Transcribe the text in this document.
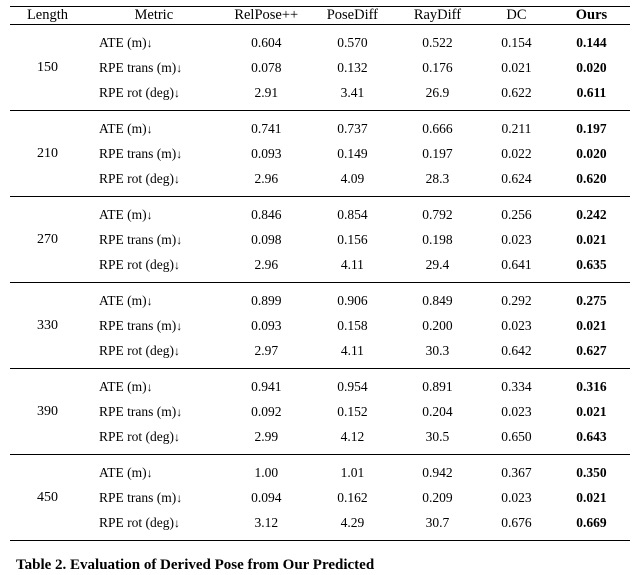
Length	Metric	RelPose++	PoseDiff	RayDiff	DC	Ours

150	ATE (m)↓	0.604	0.570	0.522	0.154	0.144
	RPE trans (m)↓	0.078	0.132	0.176	0.021	0.020
	RPE rot (deg)↓	2.91	3.41	26.9	0.622	0.611

210	ATE (m)↓	0.741	0.737	0.666	0.211	0.197
	RPE trans (m)↓	0.093	0.149	0.197	0.022	0.020
	RPE rot (deg)↓	2.96	4.09	28.3	0.624	0.620

270	ATE (m)↓	0.846	0.854	0.792	0.256	0.242
	RPE trans (m)↓	0.098	0.156	0.198	0.023	0.021
	RPE rot (deg)↓	2.96	4.11	29.4	0.641	0.635

330	ATE (m)↓	0.899	0.906	0.849	0.292	0.275
	RPE trans (m)↓	0.093	0.158	0.200	0.023	0.021
	RPE rot (deg)↓	2.97	4.11	30.3	0.642	0.627

390	ATE (m)↓	0.941	0.954	0.891	0.334	0.316
	RPE trans (m)↓	0.092	0.152	0.204	0.023	0.021
	RPE rot (deg)↓	2.99	4.12	30.5	0.650	0.643

450	ATE (m)↓	1.00	1.01	0.942	0.367	0.350
	RPE trans (m)↓	0.094	0.162	0.209	0.023	0.021
	RPE rot (deg)↓	3.12	4.29	30.7	0.676	0.669

Table 2. Evaluation of Derived Pose from Our Predicted
